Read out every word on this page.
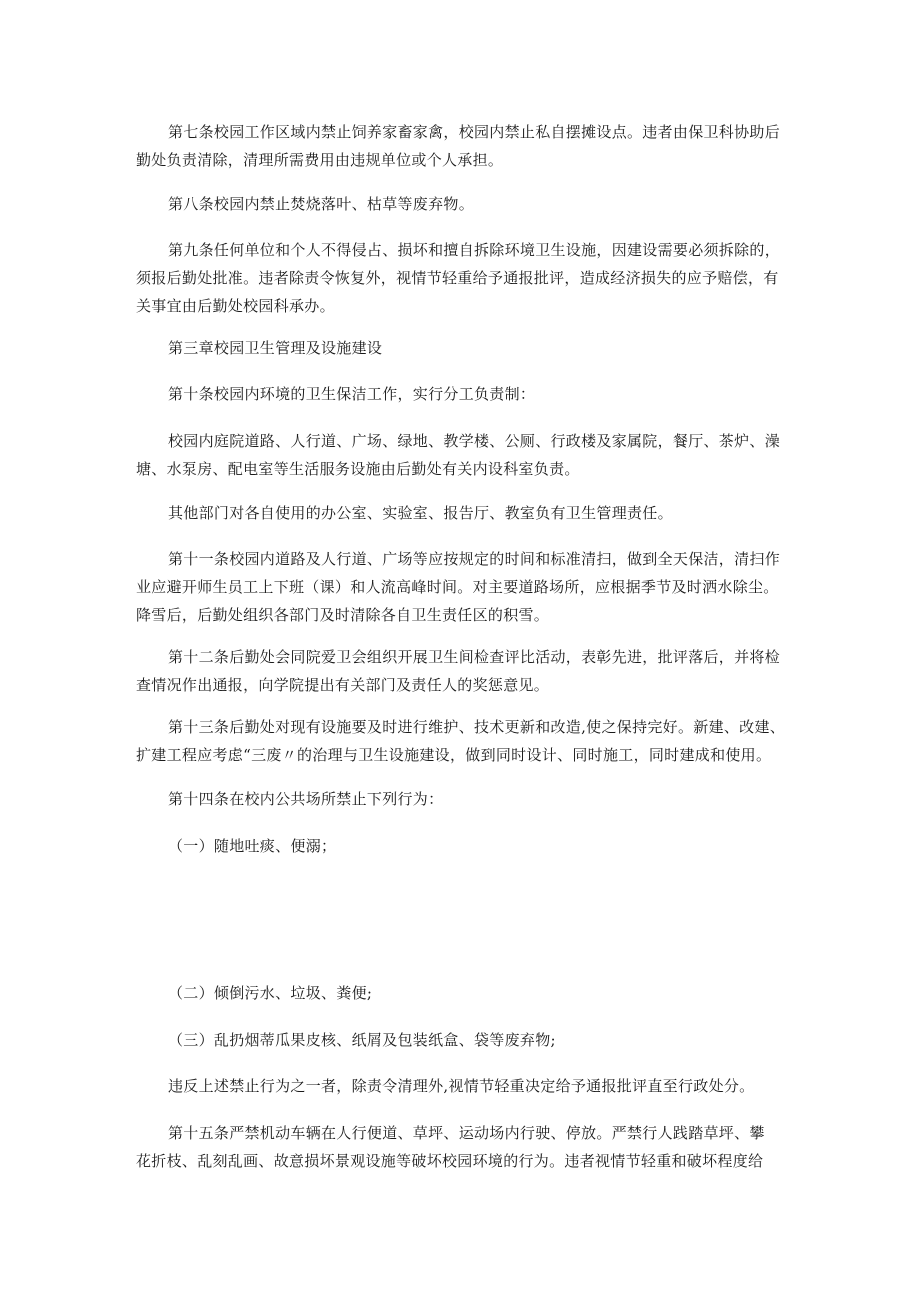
第七条校园工作区域内禁止饲养家畜家禽，校园内禁止私自摆摊设点。违者由保卫科协助后
勤处负责清除，清理所需费用由违规单位或个人承担。
第八条校园内禁止焚烧落叶、枯草等废弃物。
第九条任何单位和个人不得侵占、损坏和擅自拆除环境卫生设施，因建设需要必须拆除的，
须报后勤处批准。违者除责令恢复外，视情节轻重给予通报批评，造成经济损失的应予赔偿，有
关事宜由后勤处校园科承办。
第三章校园卫生管理及设施建设
第十条校园内环境的卫生保洁工作，实行分工负责制：
校园内庭院道路、人行道、广场、绿地、教学楼、公厕、行政楼及家属院，餐厅、茶炉、澡
塘、水泵房、配电室等生活服务设施由后勤处有关内设科室负责。
其他部门对各自使用的办公室、实验室、报告厅、教室负有卫生管理责任。
第十一条校园内道路及人行道、广场等应按规定的时间和标准清扫，做到全天保洁，清扫作
业应避开师生员工上下班（课）和人流高峰时间。对主要道路场所，应根据季节及时洒水除尘。
降雪后，后勤处组织各部门及时清除各自卫生责任区的积雪。
第十二条后勤处会同院爱卫会组织开展卫生间检查评比活动，表彰先进，批评落后，并将检
查情况作出通报，向学院提出有关部门及责任人的奖惩意见。
第十三条后勤处对现有设施要及时进行维护、技术更新和改造,使之保持完好。新建、改建、
扩建工程应考虑“三废〃的治理与卫生设施建设，做到同时设计、同时施工，同时建成和使用。
第十四条在校内公共场所禁止下列行为：
（一）随地吐痰、便溺；
（二）倾倒污水、垃圾、粪便;
（三）乱扔烟蒂瓜果皮核、纸屑及包装纸盒、袋等废弃物;
违反上述禁止行为之一者，除责令清理外,视情节轻重决定给予通报批评直至行政处分。
第十五条严禁机动车辆在人行便道、草坪、运动场内行驶、停放。严禁行人践踏草坪、攀
花折枝、乱刻乱画、故意损坏景观设施等破坏校园环境的行为。违者视情节轻重和破坏程度给
